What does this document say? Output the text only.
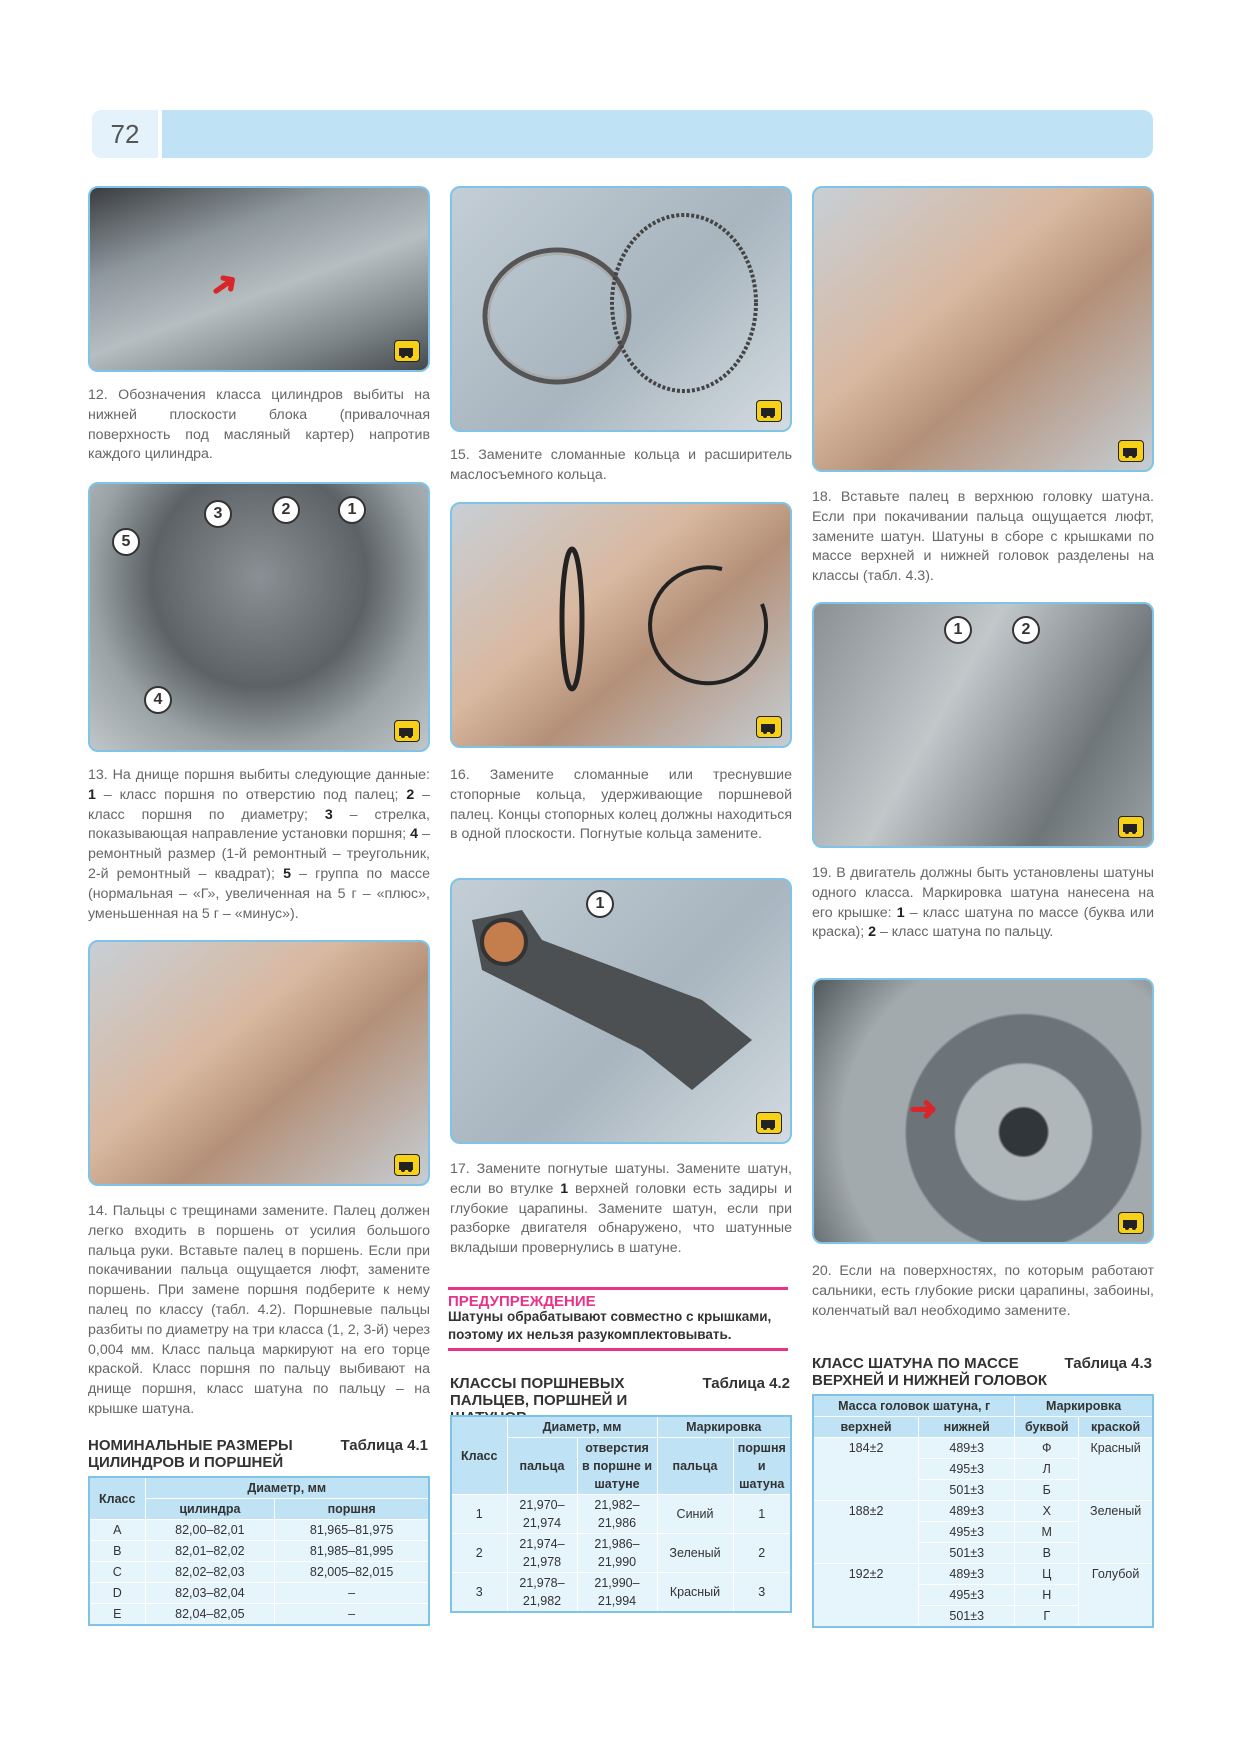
72
➜
12. Обозначения класса цилиндров выбиты на нижней плоскости блока (привалочная поверхность под масляный картер) напротив каждого цилиндра.
5
3	2	1
4
13. На днище поршня выбиты следующие данные: 1 – класс поршня по отверстию под палец; 2 – класс поршня по диаметру; 3 – стрелка, показывающая направление установки поршня; 4 – ремонтный размер (1-й ремонтный – треугольник, 2-й ремонтный – квадрат); 5 – группа по массе (нормальная – «Г», увеличенная на 5 г – «плюс», уменьшенная на 5 г – «минус»).
14. Пальцы с трещинами замените. Палец должен легко входить в поршень от усилия большого пальца руки. Вставьте палец в поршень. Если при покачивании пальца ощущается люфт, замените поршень. При замене поршня подберите к нему палец по классу (табл. 4.2). Поршневые пальцы разбиты по диаметру на три класса (1, 2, 3-й) через 0,004 мм. Класс пальца маркируют на его торце краской. Класс поршня по пальцу выбивают на днище поршня, класс шатуна по пальцу – на крышке шатуна.
НОМИНАЛЬНЫЕ РАЗМЕРЫ ЦИЛИНДРОВ И ПОРШНЕЙ
Таблица 4.1
Класс	Диаметр, мм	
	цилиндра	поршня
A	82,00–82,01	81,965–81,975
B	82,01–82,02	81,985–81,995
C	82,02–82,03	82,005–82,015
D	82,03–82,04	–
E	82,04–82,05	–
15. Замените сломанные кольца и расширитель маслосъемного кольца.
16. Замените сломанные или треснувшие стопорные кольца, удерживающие поршневой палец. Концы стопорных колец должны находиться в одной плоскости. Погнутые кольца замените.
1
17. Замените погнутые шатуны. Замените шатун, если во втулке 1 верхней головки есть задиры и глубокие царапины. Замените шатун, если при разборке двигателя обнаружено, что шатунные вкладыши провернулись в шатуне.
ПРЕДУПРЕЖДЕНИЕ
Шатуны обрабатывают совместно с крышками, поэтому их нельзя разукомплектовывать.
КЛАССЫ ПОРШНЕВЫХ ПАЛЬЦЕВ, ПОРШНЕЙ И
Таблица 4.2
Класс	Диаметр, мм		Маркировка	
	пальца	отверстия в поршне и шатуне	пальца	поршня и шатуна
1	21,970–21,974	21,982–21,986	Синий	1
2	21,974–21,978	21,986–21,990	Зеленый	2
3	21,978–21,982	21,990–21,994	Красный	3
18. Вставьте палец в верхнюю головку шатуна. Если при покачивании пальца ощущается люфт, замените шатун. Шатуны в сборе с крышками по массе верхней и нижней головок разделены на классы (табл. 4.3).
1	2
19. В двигатель должны быть установлены шатуны одного класса. Маркировка шатуна нанесена на его крышке: 1 – класс шатуна по массе (буква или краска); 2 – класс шатуна по пальцу.
➜
20. Если на поверхностях, по которым работают сальники, есть глубокие риски царапины, забоины, коленчатый вал необходимо замените.
КЛАСС ШАТУНА ПО МАССЕ ВЕРХНЕЙ И НИЖНЕЙ ГОЛОВОК
Таблица 4.3
Масса головок шатуна, г		Маркировка	
верхней	нижней	буквой	краской
184±2	489±3	Ф	Красный
	495±3	Л	
	501±3	Б	
188±2	489±3	Х	Зеленый
	495±3	М	
	501±3	В	
192±2	489±3	Ц	Голубой
	495±3	Н	
	501±3	Г	
